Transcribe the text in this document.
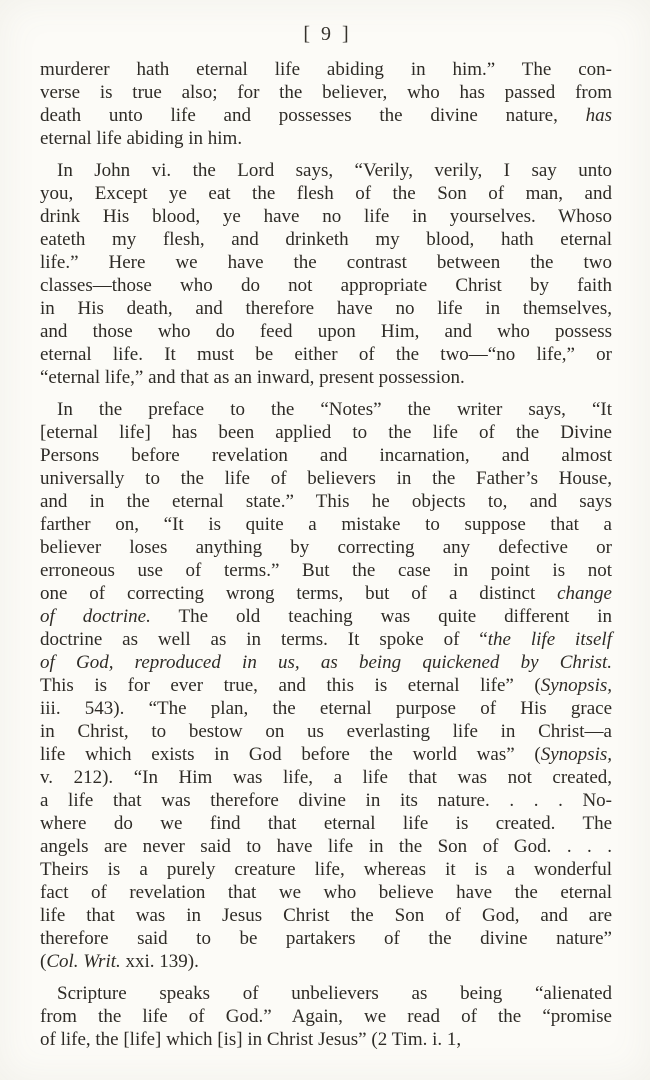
[ 9 ]
murderer hath eternal life abiding in him.” The con-
verse is true also; for the believer, who has passed from
death unto life and possesses the divine nature, has
eternal life abiding in him.
In John vi. the Lord says, “Verily, verily, I say unto
you, Except ye eat the flesh of the Son of man, and
drink His blood, ye have no life in yourselves. Whoso
eateth my flesh, and drinketh my blood, hath eternal
life.” Here we have the contrast between the two
classes—those who do not appropriate Christ by faith
in His death, and therefore have no life in themselves,
and those who do feed upon Him, and who possess
eternal life. It must be either of the two—“no life,” or
“eternal life,” and that as an inward, present possession.
In the preface to the “Notes” the writer says, “It
[eternal life] has been applied to the life of the Divine
Persons before revelation and incarnation, and almost
universally to the life of believers in the Father’s House,
and in the eternal state.” This he objects to, and says
farther on, “It is quite a mistake to suppose that a
believer loses anything by correcting any defective or
erroneous use of terms.” But the case in point is not
one of correcting wrong terms, but of a distinct change
of doctrine. The old teaching was quite different in
doctrine as well as in terms. It spoke of “the life itself
of God, reproduced in us, as being quickened by Christ.
This is for ever true, and this is eternal life” (Synopsis,
iii. 543). “The plan, the eternal purpose of His grace
in Christ, to bestow on us everlasting life in Christ—a
life which exists in God before the world was” (Synopsis,
v. 212). “In Him was life, a life that was not created,
a life that was therefore divine in its nature. . . . No-
where do we find that eternal life is created. The
angels are never said to have life in the Son of God. . . .
Theirs is a purely creature life, whereas it is a wonderful
fact of revelation that we who believe have the eternal
life that was in Jesus Christ the Son of God, and are
therefore said to be partakers of the divine nature”
(Col. Writ. xxi. 139).
Scripture speaks of unbelievers as being “alienated
from the life of God.” Again, we read of the “promise
of life, the [life] which [is] in Christ Jesus” (2 Tim. i. 1,
